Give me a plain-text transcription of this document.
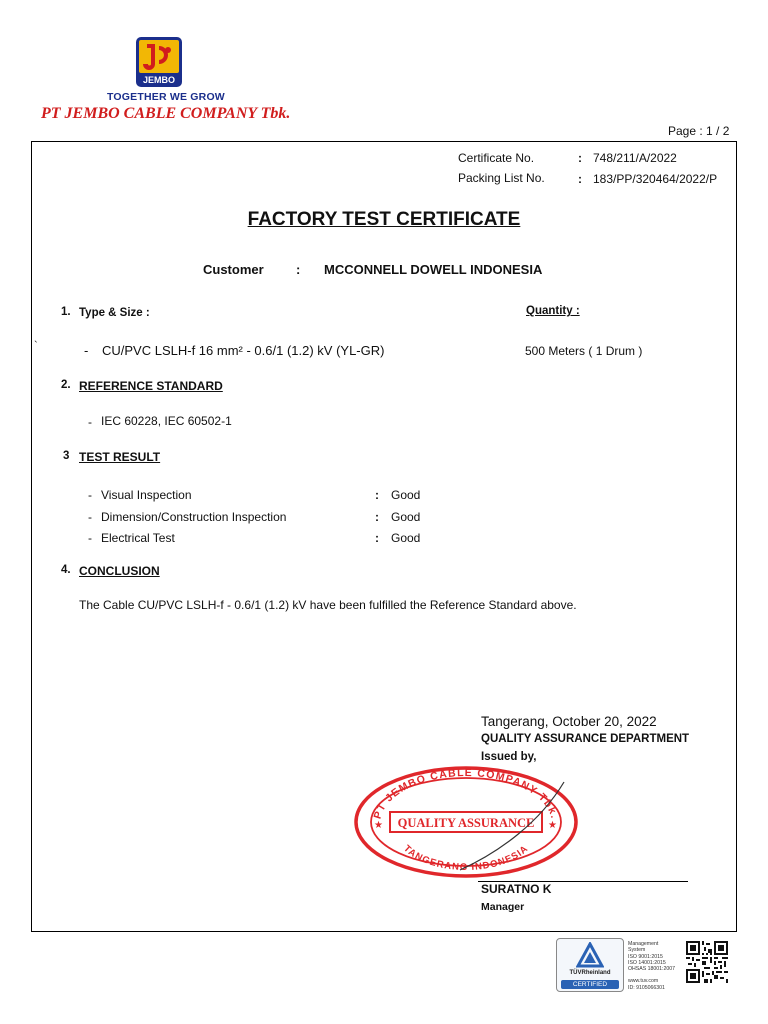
JEMBO
TOGETHER WE GROW
PT JEMBO CABLE COMPANY Tbk.
Page : 1 / 2
Certificate No.	: 748/211/A/2022
Packing List No.	: 183/PP/320464/2022/P
FACTORY TEST CERTIFICATE
Customer : MCCONNELL DOWELL INDONESIA
1. Type & Size :	Quantity :
`	- CU/PVC LSLH-f 16 mm² - 0.6/1 (1.2) kV (YL-GR)	500 Meters ( 1 Drum )
2. REFERENCE STANDARD
- IEC 60228, IEC 60502-1
3 TEST RESULT
- Visual Inspection	: Good
- Dimension/Construction Inspection	: Good
- Electrical Test	: Good
4. CONCLUSION
The Cable CU/PVC LSLH-f - 0.6/1 (1.2) kV have been fulfilled the Reference Standard above.
Tangerang, October 20, 2022
QUALITY ASSURANCE DEPARTMENT
Issued by,
PT JEMBO CABLE COMPANY Tbk.
QUALITY ASSURANCE
TANGERANG INDONESIA
★	★
SURATNO K
Manager
TÜVRheinland
CERTIFIED
Management
System
ISO 9001:2015
ISO 14001:2015
OHSAS 18001:2007
www.tuv.com
ID: 9105066301
